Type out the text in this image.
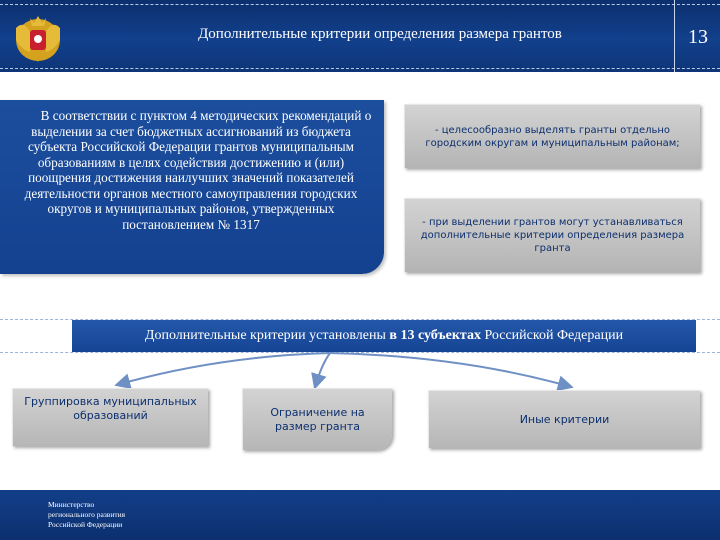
Дополнительные критерии определения размера грантов	13
В соответствии с пунктом 4 методических рекомендаций о выделении за счет бюджетных ассигнований из бюджета субъекта Российской Федерации грантов муниципальным образованиям в целях содействия достижению и (или) поощрения достижения наилучших значений показателей деятельности органов местного самоуправления городских округов и муниципальных районов, утвержденных постановлением № 1317
- целесообразно выделять гранты отдельно городским округам и муниципальным районам;
- при выделении грантов могут устанавливаться дополнительные критерии определения размера гранта
Дополнительные критерии установлены в 13 субъектах Российской Федерации
Группировка муниципальных образований	Ограничение на размер гранта
Иные критерии
Министерство
регионального развития
Российской Федерации
